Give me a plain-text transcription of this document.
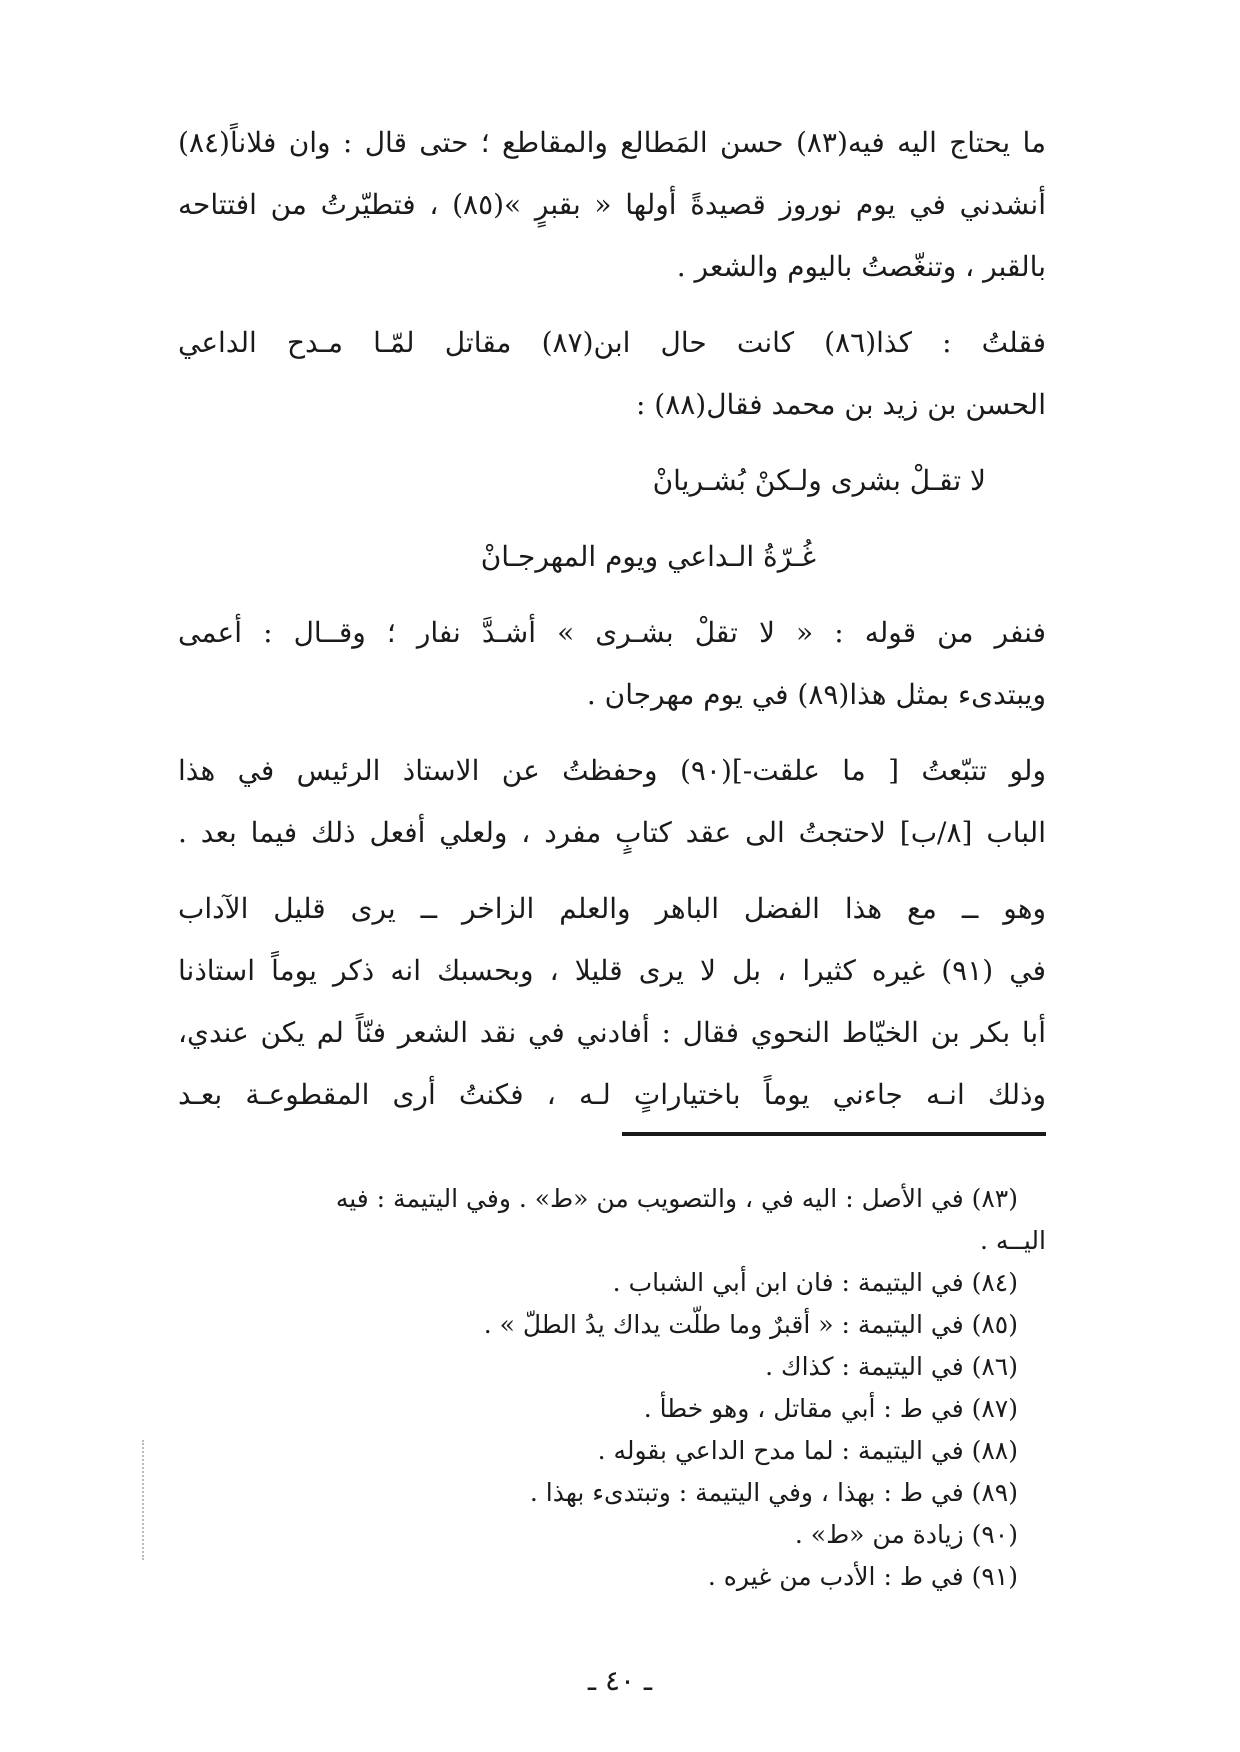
ما يحتاج اليه فيه(٨٣) حسن المَطالع والمقاطع ؛ حتى قال : وان فلاناً(٨٤)
أنشدني في يوم نوروز قصيدةً أولها « بقبرٍ »(٨٥) ، فتطيّرتُ من افتتاحه
بالقبر ، وتنغّصتُ باليوم والشعر .
فقلتُ : كذا(٨٦) كانت حال ابن(٨٧) مقاتل لمّـا مـدح الداعي
الحسن بن زيد بن محمد فقال(٨٨) :
لا تقـلْ بشرى ولـكنْ بُشـريانْ
غُـرّةُ الـداعي ويوم المهرجـانْ
فنفر من قوله : « لا تقلْ بشـرى » أشـدَّ نفار ؛ وقــال : أعمى
ويبتدىء بمثل هذا(٨٩) في يوم مهرجان .
ولو تتبّعتُ [ ما علقت-](٩٠) وحفظتُ عن الاستاذ الرئيس في هذا
الباب [٨/ب] لاحتجتُ الى عقد كتابٍ مفرد ، ولعلي أفعل ذلك فيما بعد .
وهو ــ مع هذا الفضل الباهر والعلم الزاخر ــ يرى قليل الآداب
في (٩١) غيره كثيرا ، بل لا يرى قليلا ، وبحسبك انه ذكر يوماً استاذنا
أبا بكر بن الخيّاط النحوي فقال : أفادني في نقد الشعر فنّاً لم يكن عندي،
وذلك انـه جاءني يوماً باختياراتٍ لـه ، فكنتُ أرى المقطوعـة بعـد
(٨٣) في الأصل : اليه في ، والتصويب من «ط» . وفي اليتيمة : فيه
اليــه .
(٨٤) في اليتيمة : فان ابن أبي الشباب .
(٨٥) في اليتيمة : « أقبرٌ وما طلّت يداك يدُ الطلّ » .
(٨٦) في اليتيمة : كذاك .
(٨٧) في ط : أبي مقاتل ، وهو خطأ .
(٨٨) في اليتيمة : لما مدح الداعي بقوله .
(٨٩) في ط : بهذا ، وفي اليتيمة : وتبتدىء بهذا .
(٩٠) زيادة من «ط» .
(٩١) في ط : الأدب من غيره .
ـ ٤٠ ـ
